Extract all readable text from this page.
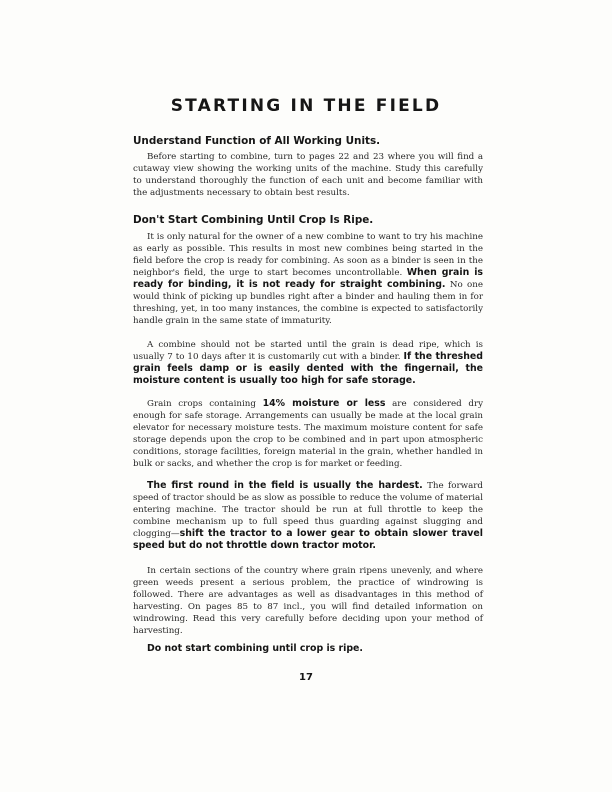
STARTING IN THE FIELD
Understand Function of All Working Units.

Before starting to combine, turn to pages 22 and 23 where you will find a cutaway view showing the working units of the machine. Study this carefully to understand thoroughly the function of each unit and become familiar with the adjustments necessary to obtain best results.

Don't Start Combining Until Crop Is Ripe.

It is only natural for the owner of a new combine to want to try his machine as early as possible. This results in most new combines being started in the field before the crop is ready for combining. As soon as a binder is seen in the neighbor's field, the urge to start becomes uncontrollable. When grain is ready for binding, it is not ready for straight combining. No one would think of picking up bundles right after a binder and hauling them in for threshing, yet, in too many instances, the combine is expected to satisfactorily handle grain in the same state of immaturity.

A combine should not be started until the grain is dead ripe, which is usually 7 to 10 days after it is customarily cut with a binder. If the threshed grain feels damp or is easily dented with the fingernail, the moisture content is usually too high for safe storage.

Grain crops containing 14% moisture or less are considered dry enough for safe storage. Arrangements can usually be made at the local grain elevator for necessary moisture tests. The maximum moisture content for safe storage depends upon the crop to be combined and in part upon atmospheric conditions, storage facilities, foreign material in the grain, whether handled in bulk or sacks, and whether the crop is for market or feeding.

The first round in the field is usually the hardest. The forward speed of tractor should be as slow as possible to reduce the volume of material entering machine. The tractor should be run at full throttle to keep the combine mechanism up to full speed thus guarding against slugging and clogging—shift the tractor to a lower gear to obtain slower travel speed but do not throttle down tractor motor.

In certain sections of the country where grain ripens unevenly, and where green weeds present a serious problem, the practice of windrowing is followed. There are advantages as well as disadvantages in this method of harvesting. On pages 85 to 87 incl., you will find detailed information on windrowing. Read this very carefully before deciding upon your method of harvesting.

Do not start combining until crop is ripe.
17
